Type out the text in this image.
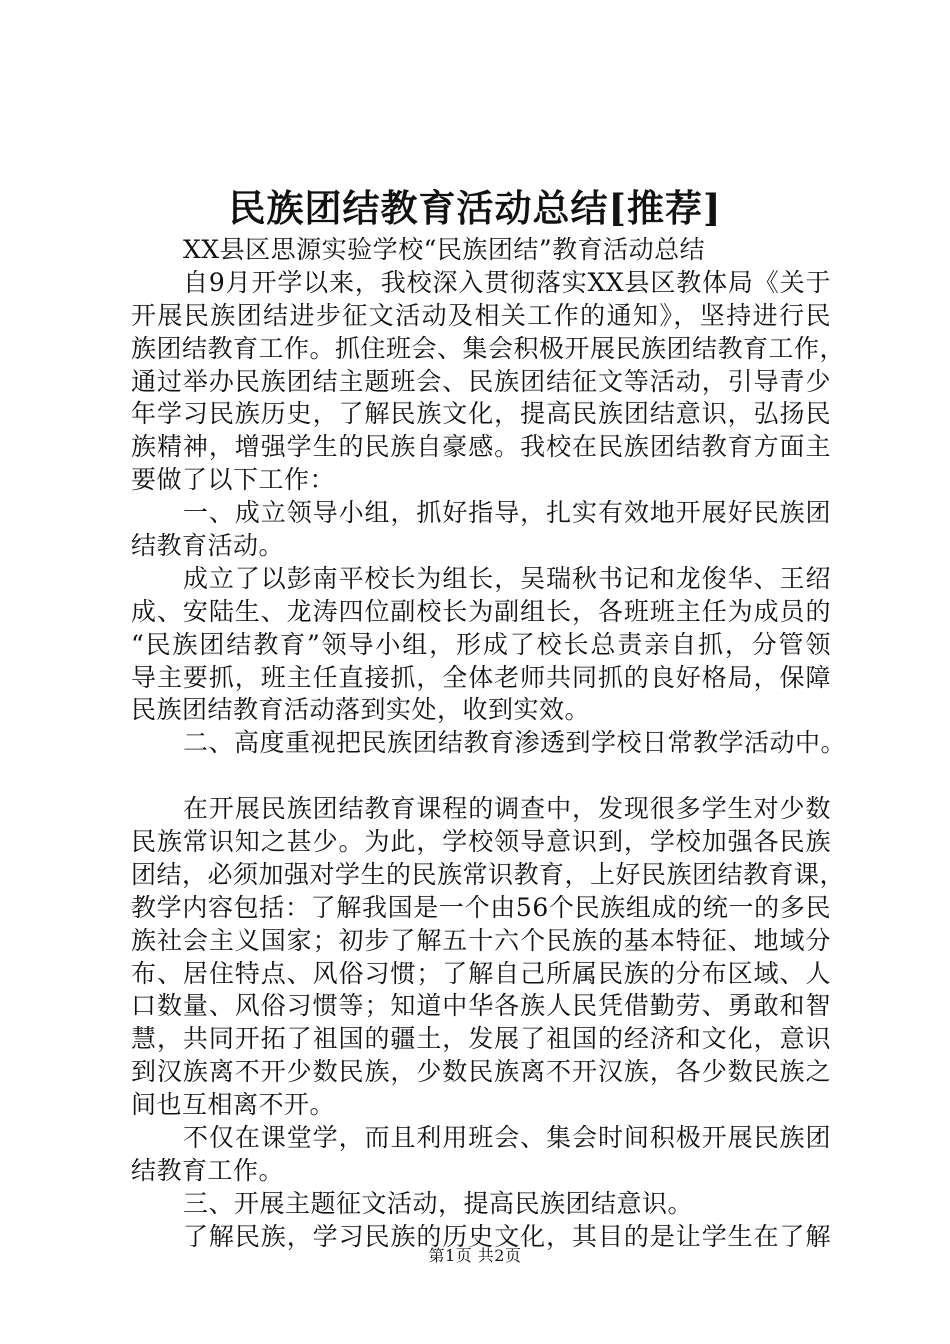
民族团结教育活动总结[推荐]
XX县区思源实验学校“民族团结”教育活动总结
自9月开学以来，我校深入贯彻落实XX县区教体局《关于
开展民族团结进步征文活动及相关工作的通知》，坚持进行民
族团结教育工作。抓住班会、集会积极开展民族团结教育工作，
通过举办民族团结主题班会、民族团结征文等活动，引导青少
年学习民族历史，了解民族文化，提高民族团结意识，弘扬民
族精神，增强学生的民族自豪感。我校在民族团结教育方面主
要做了以下工作：
一、成立领导小组，抓好指导，扎实有效地开展好民族团
结教育活动。
成立了以彭南平校长为组长，吴瑞秋书记和龙俊华、王绍
成、安陆生、龙涛四位副校长为副组长，各班班主任为成员的
“民族团结教育”领导小组，形成了校长总责亲自抓，分管领
导主要抓，班主任直接抓，全体老师共同抓的良好格局，保障
民族团结教育活动落到实处，收到实效。
二、高度重视把民族团结教育渗透到学校日常教学活动中。
在开展民族团结教育课程的调查中，发现很多学生对少数
民族常识知之甚少。为此，学校领导意识到，学校加强各民族
团结，必须加强对学生的民族常识教育，上好民族团结教育课，
教学内容包括：了解我国是一个由56个民族组成的统一的多民
族社会主义国家；初步了解五十六个民族的基本特征、地域分
布、居住特点、风俗习惯；了解自己所属民族的分布区域、人
口数量、风俗习惯等；知道中华各族人民凭借勤劳、勇敢和智
慧，共同开拓了祖国的疆土，发展了祖国的经济和文化，意识
到汉族离不开少数民族，少数民族离不开汉族，各少数民族之
间也互相离不开。
不仅在课堂学，而且利用班会、集会时间积极开展民族团
结教育工作。
三、开展主题征文活动，提高民族团结意识。
了解民族，学习民族的历史文化，其目的是让学生在了解
第1页 共2页
